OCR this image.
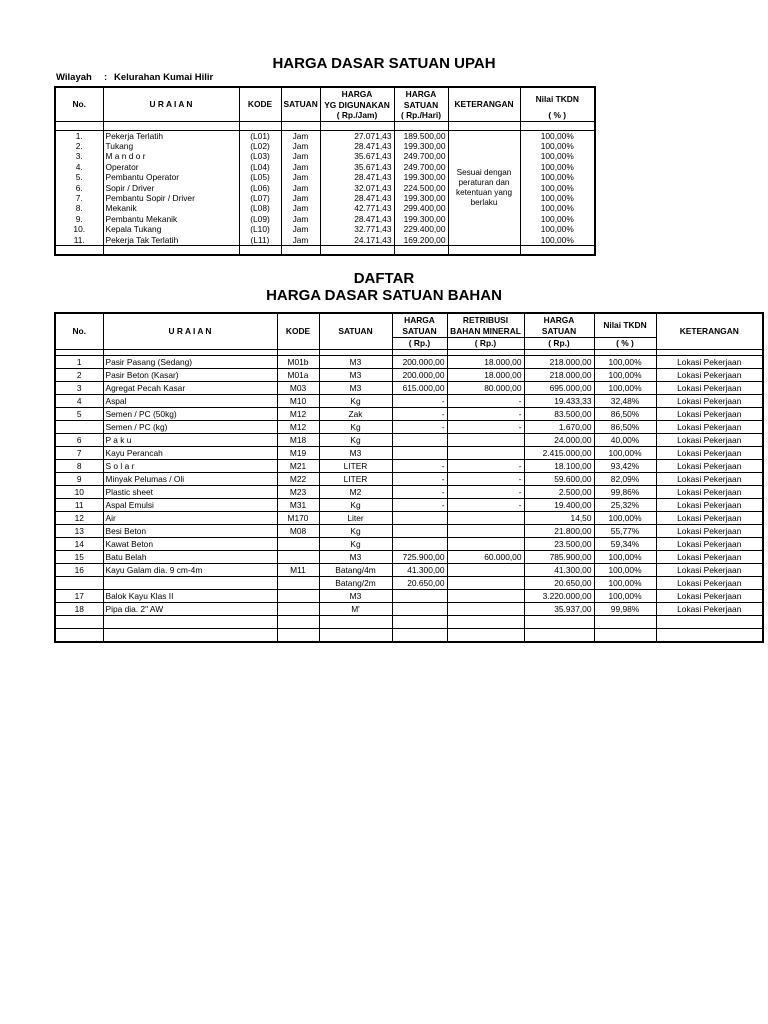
HARGA DASAR SATUAN UPAH
Wilayah : Kelurahan Kumai Hilir
No.	U R A I A N	KODE	SATUAN	HARGA	HARGA	KETERANGAN	Nilai TKDN
				YG DIGUNAKAN	SATUAN		
				( Rp./Jam)	( Rp./Hari)		( % )

1.	Pekerja Terlatih	(L01)	Jam	27.071,43	189.500,00	Sesuai dengan peraturan dan ketentuan yang berlaku	100,00%
2.	Tukang	(L02)	Jam	28.471,43	199.300,00		100,00%
3.	M a n d o r	(L03)	Jam	35.671,43	249.700,00		100,00%
4.	Operator	(L04)	Jam	35.671,43	249.700,00		100,00%
5.	Pembantu Operator	(L05)	Jam	28.471,43	199.300,00		100,00%
6.	Sopir / Driver	(L06)	Jam	32.071,43	224.500,00		100,00%
7.	Pembantu Sopir / Driver	(L07)	Jam	28.471,43	199.300,00		100,00%
8.	Mekanik	(L08)	Jam	42.771,43	299.400,00		100,00%
9.	Pembantu Mekanik	(L09)	Jam	28.471,43	199.300,00		100,00%
10.	Kepala Tukang	(L10)	Jam	32.771,43	229.400,00		100,00%
11.	Pekerja Tak Terlatih	(L11)	Jam	24.171,43	169.200,00		100,00%

DAFTAR
HARGA DASAR SATUAN BAHAN
No.	U R A I A N	KODE	SATUAN	HARGA	RETRIBUSI	HARGA	Nilai TKDN	KETERANGAN
				SATUAN	BAHAN MINERAL	SATUAN		
				( Rp.)	( Rp.)	( Rp.)	( % )	

1	Pasir Pasang (Sedang)	M01b	M3	200.000,00	18.000,00	218.000,00	100,00%	Lokasi Pekerjaan
2	Pasir Beton (Kasar)	M01a	M3	200.000,00	18.000,00	218.000,00	100,00%	Lokasi Pekerjaan
3	Agregat Pecah Kasar	M03	M3	615.000,00	80.000,00	695.000,00	100,00%	Lokasi Pekerjaan
4	Aspal	M10	Kg	-	-	19.433,33	32,48%	Lokasi Pekerjaan
5	Semen / PC (50kg)	M12	Zak	-	-	83.500,00	86,50%	Lokasi Pekerjaan
	Semen / PC (kg)	M12	Kg	-	-	1.670,00	86,50%	Lokasi Pekerjaan
6	P a k u	M18	Kg			24.000,00	40,00%	Lokasi Pekerjaan
7	Kayu Perancah	M19	M3			2.415.000,00	100,00%	Lokasi Pekerjaan
8	S o l a r	M21	LITER	-	-	18.100,00	93,42%	Lokasi Pekerjaan
9	Minyak Pelumas / Oli	M22	LITER	-	-	59.600,00	82,09%	Lokasi Pekerjaan
10	Plastic sheet	M23	M2	-	-	2.500,00	99,86%	Lokasi Pekerjaan
11	Aspal Emulsi	M31	Kg	-	-	19.400,00	25,32%	Lokasi Pekerjaan
12	Air	M170	Liter			14,50	100,00%	Lokasi Pekerjaan
13	Besi Beton	M08	Kg			21.800,00	55,77%	Lokasi Pekerjaan
14	Kawat Beton		Kg			23.500,00	59,34%	Lokasi Pekerjaan
15	Batu Belah		M3	725.900,00	60.000,00	785.900,00	100,00%	Lokasi Pekerjaan
16	Kayu Galam dia. 9 cm-4m	M11	Batang/4m	41.300,00		41.300,00	100,00%	Lokasi Pekerjaan
			Batang/2m	20.650,00		20.650,00	100,00%	Lokasi Pekerjaan
17	Balok Kayu Klas II		M3			3.220.000,00	100,00%	Lokasi Pekerjaan
18	Pipa dia. 2" AW		M'			35.937,00	99,98%	Lokasi Pekerjaan
